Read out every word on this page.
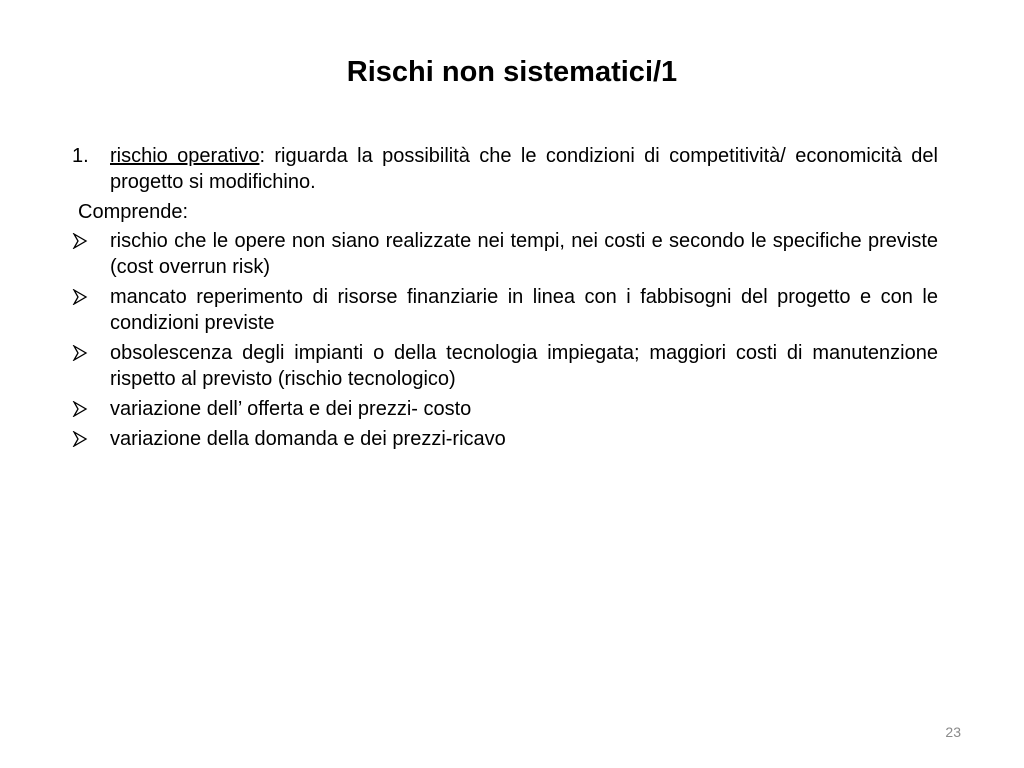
Rischi non sistematici/1

1.	rischio operativo: riguarda la possibilità che le condizioni di competitività/ economicità del progetto si modifichino.

Comprende:

rischio che le opere non siano realizzate nei tempi, nei costi e secondo le specifiche previste (cost overrun risk)

mancato reperimento di risorse finanziarie in linea con i fabbisogni del progetto e con le condizioni previste

obsolescenza degli impianti o della tecnologia impiegata; maggiori costi di manutenzione rispetto al previsto (rischio tecnologico)

variazione dell’ offerta e dei prezzi- costo

variazione della domanda e dei prezzi-ricavo

23
